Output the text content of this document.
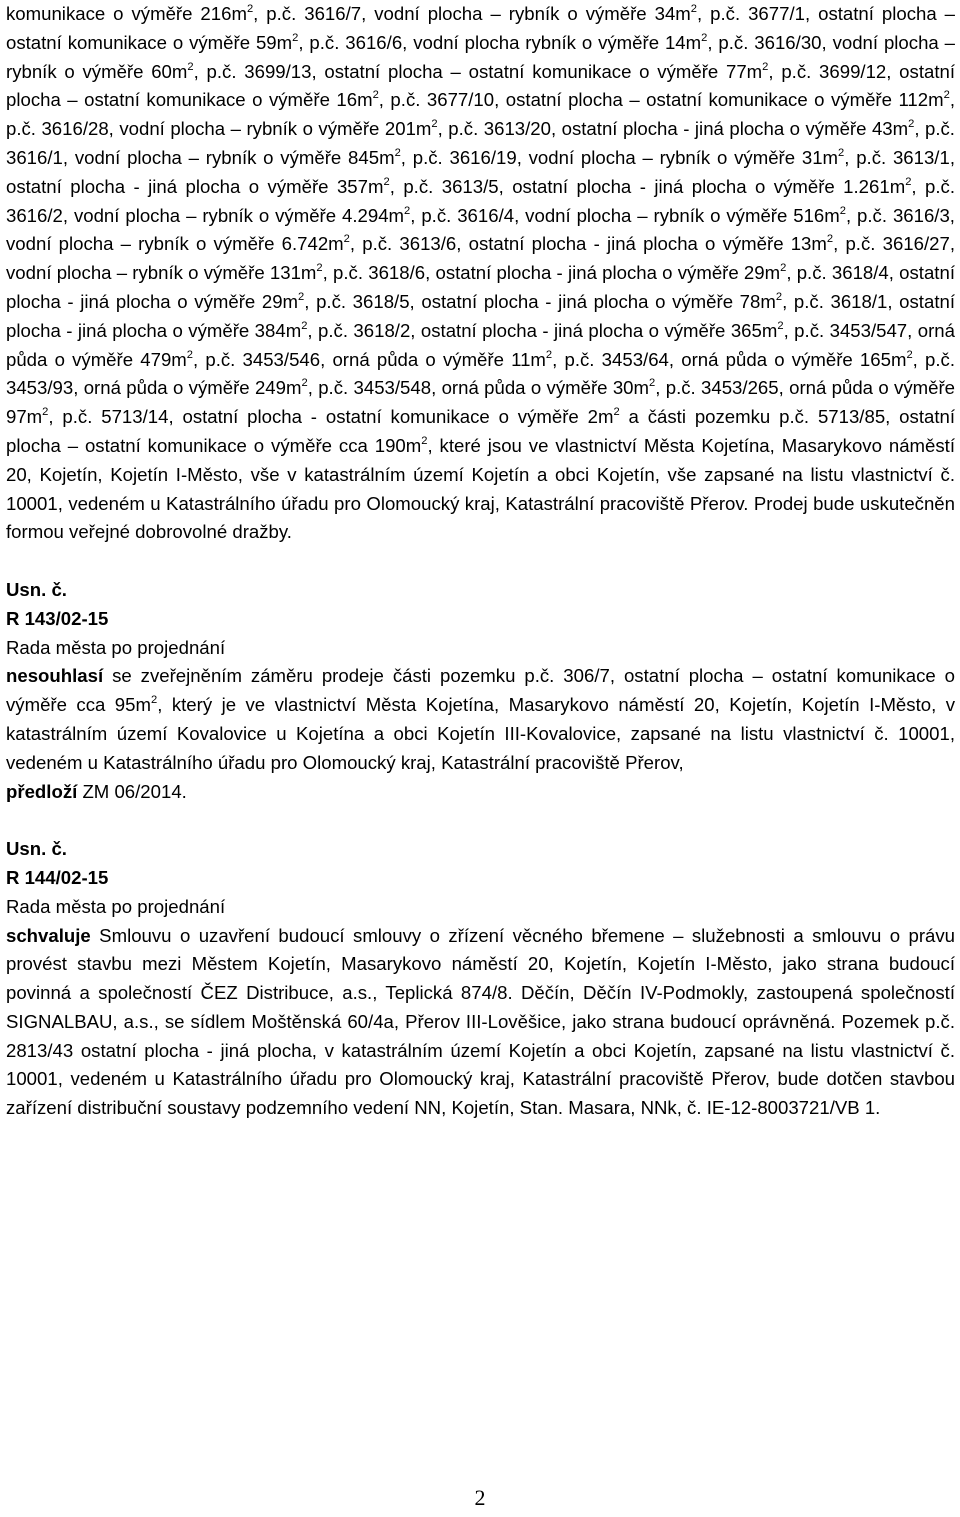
komunikace o výměře $216m^2$, p.č. 3616/7, vodní plocha – rybník o výměře $34m^2$, p.č. 3677/1, ostatní plocha – ostatní komunikace o výměře $59m^2$, p.č. 3616/6, vodní plocha rybník o výměře $14m^2$, p.č. 3616/30, vodní plocha – rybník o výměře $60m^2$, p.č. 3699/13, ostatní plocha – ostatní komunikace o výměře $77m^2$, p.č. 3699/12, ostatní plocha – ostatní komunikace o výměře $16m^2$, p.č. 3677/10, ostatní plocha – ostatní komunikace o výměře $112m^2$, p.č. 3616/28, vodní plocha – rybník o výměře $201m^2$, p.č. 3613/20, ostatní plocha - jiná plocha o výměře $43m^2$, p.č. 3616/1, vodní plocha – rybník o výměře $845m^2$, p.č. 3616/19, vodní plocha – rybník o výměře $31m^2$, p.č. 3613/1, ostatní plocha - jiná plocha o výměře $357m^2$, p.č. 3613/5, ostatní plocha - jiná plocha o výměře $1.261m^2$, p.č. 3616/2, vodní plocha – rybník o výměře $4.294m^2$, p.č. 3616/4, vodní plocha – rybník o výměře $516m^2$, p.č. 3616/3, vodní plocha – rybník o výměře $6.742m^2$, p.č. 3613/6, ostatní plocha - jiná plocha o výměře $13m^2$, p.č. 3616/27, vodní plocha – rybník o výměře $131m^2$, p.č. 3618/6, ostatní plocha - jiná plocha o výměře $29m^2$, p.č. 3618/4, ostatní plocha - jiná plocha o výměře $29m^2$, p.č. 3618/5, ostatní plocha - jiná plocha o výměře $78m^2$, p.č. 3618/1, ostatní plocha - jiná plocha o výměře $384m^2$, p.č. 3618/2, ostatní plocha - jiná plocha o výměře $365m^2$, p.č. 3453/547, orná půda o výměře $479m^2$, p.č. 3453/546, orná půda o výměře $11m^2$, p.č. 3453/64, orná půda o výměře $165m^2$, p.č. 3453/93, orná půda o výměře $249m^2$, p.č. 3453/548, orná půda o výměře $30m^2$, p.č. 3453/265, orná půda o výměře $97m^2$, p.č. 5713/14, ostatní plocha - ostatní komunikace o výměře $2m^2$ a části pozemku p.č. 5713/85, ostatní plocha – ostatní komunikace o výměře cca $190m^2$, které jsou ve vlastnictví Města Kojetína, Masarykovo náměstí 20, Kojetín, Kojetín I-Město, vše v katastrálním území Kojetín a obci Kojetín, vše zapsané na listu vlastnictví č. 10001, vedeném u Katastrálního úřadu pro Olomoucký kraj, Katastrální pracoviště Přerov. Prodej bude uskutečněn formou veřejné dobrovolné dražby.

Usn. č.
R 143/02-15
Rada města po projednání
nesouhlasí se zveřejněním záměru prodeje části pozemku p.č. 306/7, ostatní plocha – ostatní komunikace o výměře cca $95m^2$, který je ve vlastnictví Města Kojetína, Masarykovo náměstí 20, Kojetín, Kojetín I-Město, v katastrálním území Kovalovice u Kojetína a obci Kojetín III-Kovalovice, zapsané na listu vlastnictví č. 10001, vedeném u Katastrálního úřadu pro Olomoucký kraj, Katastrální pracoviště Přerov,
předloží ZM 06/2014.
Usn. č.
R 144/02-15
Rada města po projednání
schvaluje Smlouvu o uzavření budoucí smlouvy o zřízení věcného břemene – služebnosti a smlouvu o právu provést stavbu mezi Městem Kojetín, Masarykovo náměstí 20, Kojetín, Kojetín I-Město, jako strana budoucí povinná a společností ČEZ Distribuce, a.s., Teplická 874/8. Děčín, Děčín IV-Podmokly, zastoupená společností SIGNALBAU, a.s., se sídlem Moštěnská 60/4a, Přerov III-Lověšice, jako strana budoucí oprávněná. Pozemek p.č. 2813/43 ostatní plocha - jiná plocha, v katastrálním území Kojetín a obci Kojetín, zapsané na listu vlastnictví č. 10001, vedeném u Katastrálního úřadu pro Olomoucký kraj, Katastrální pracoviště Přerov, bude dotčen stavbou zařízení distribuční soustavy podzemního vedení NN, Kojetín, Stan. Masara, NNk, č. IE-12-8003721/VB 1.
2
